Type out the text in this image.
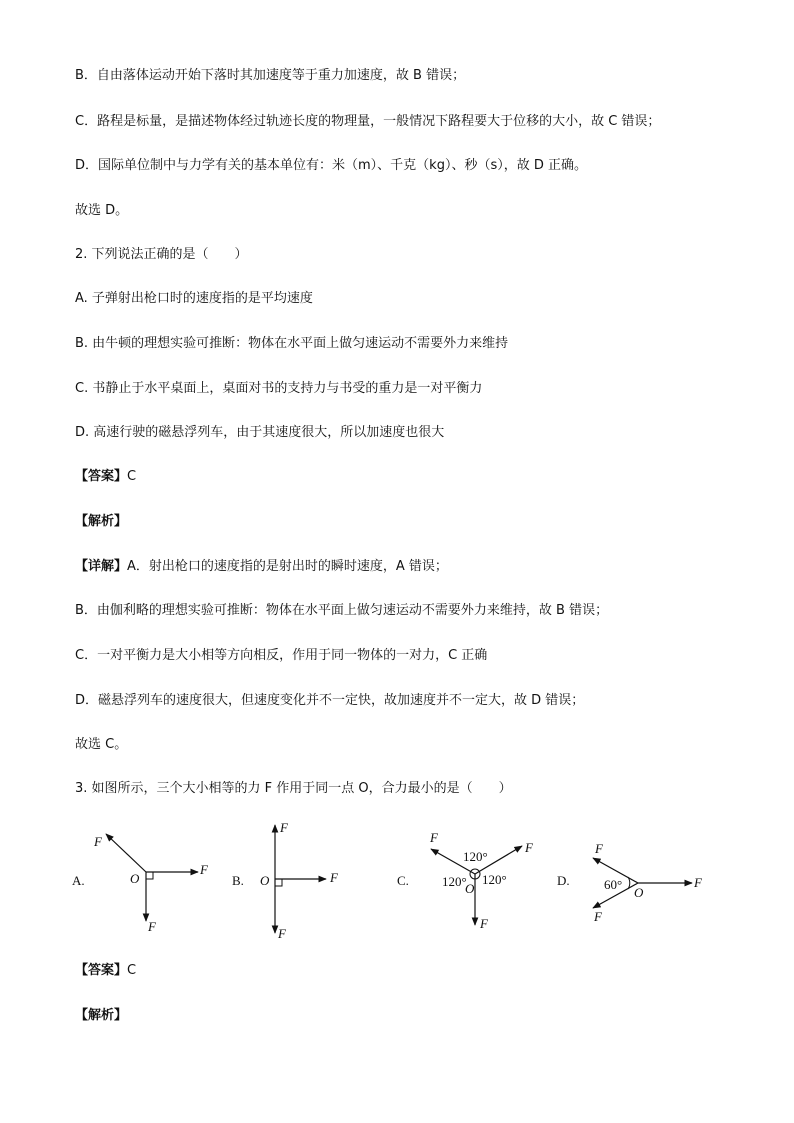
B．自由落体运动开始下落时其加速度等于重力加速度，故 B 错误；
C．路程是标量，是描述物体经过轨迹长度的物理量，一般情况下路程要大于位移的大小，故 C 错误；
D．国际单位制中与力学有关的基本单位有：米（m）、千克（kg）、秒（s），故 D 正确。
故选 D。
2. 下列说法正确的是（　　）
A. 子弹射出枪口时的速度指的是平均速度
B. 由牛顿的理想实验可推断：物体在水平面上做匀速运动不需要外力来维持
C. 书静止于水平桌面上，桌面对书的支持力与书受的重力是一对平衡力
D. 高速行驶的磁悬浮列车，由于其速度很大，所以加速度也很大
【答案】C
【解析】
【详解】A．射出枪口的速度指的是射出时的瞬时速度，A 错误；
B．由伽利略的理想实验可推断：物体在水平面上做匀速运动不需要外力来维持，故 B 错误；
C．一对平衡力是大小相等方向相反，作用于同一物体的一对力，C 正确
D．磁悬浮列车的速度很大，但速度变化并不一定快，故加速度并不一定大，故 D 错误；
故选 C。
3. 如图所示，三个大小相等的力 F 作用于同一点 O，合力最小的是（　　）
A.
F
F
F
O	B.
F
F
F
O	C.
F
F
F
O
120°
120° 120°	D.
F
F
F
O
60°
【答案】C
【解析】
